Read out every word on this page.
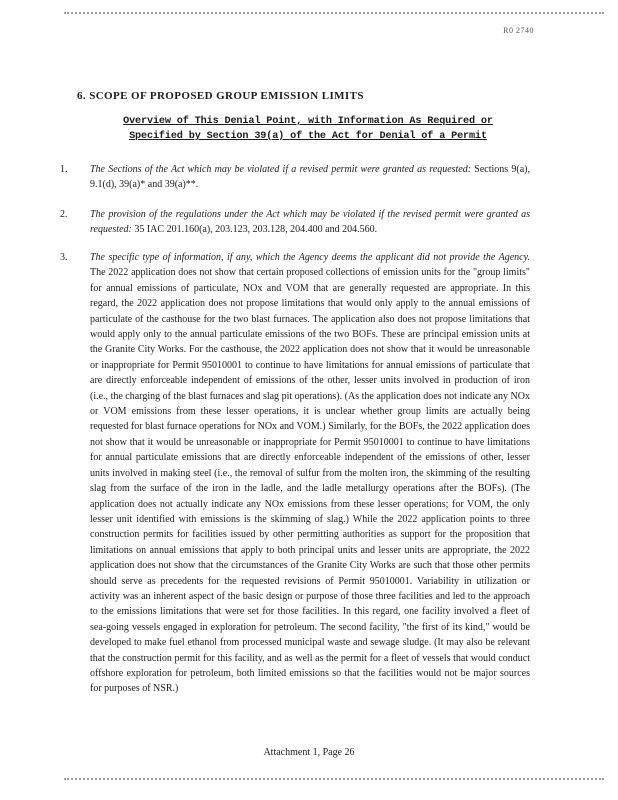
R0 2740
6. SCOPE OF PROPOSED GROUP EMISSION LIMITS
Overview of This Denial Point, with Information As Required or
Specified by Section 39(a) of the Act for Denial of a Permit
1.	The Sections of the Act which may be violated if a revised permit were granted as requested: Sections 9(a), 9.1(d), 39(a)* and 39(a)**.
2.	The provision of the regulations under the Act which may be violated if the revised permit were granted as requested: 35 IAC 201.160(a), 203.123, 203.128, 204.400 and 204.560.
3.	The specific type of information, if any, which the Agency deems the applicant did not provide the Agency. The 2022 application does not show that certain proposed collections of emission units for the "group limits" for annual emissions of particulate, NOx and VOM that are generally requested are appropriate. In this regard, the 2022 application does not propose limitations that would only apply to the annual emissions of particulate of the casthouse for the two blast furnaces. The application also does not propose limitations that would apply only to the annual particulate emissions of the two BOFs. These are principal emission units at the Granite City Works. For the casthouse, the 2022 application does not show that it would be unreasonable or inappropriate for Permit 95010001 to continue to have limitations for annual emissions of particulate that are directly enforceable independent of emissions of the other, lesser units involved in production of iron (i.e., the charging of the blast furnaces and slag pit operations). (As the application does not indicate any NOx or VOM emissions from these lesser operations, it is unclear whether group limits are actually being requested for blast furnace operations for NOx and VOM.) Similarly, for the BOFs, the 2022 application does not show that it would be unreasonable or inappropriate for Permit 95010001 to continue to have limitations for annual particulate emissions that are directly enforceable independent of the emissions of other, lesser units involved in making steel (i.e., the removal of sulfur from the molten iron, the skimming of the resulting slag from the surface of the iron in the ladle, and the ladle metallurgy operations after the BOFs). (The application does not actually indicate any NOx emissions from these lesser operations; for VOM, the only lesser unit identified with emissions is the skimming of slag.) While the 2022 application points to three construction permits for facilities issued by other permitting authorities as support for the proposition that limitations on annual emissions that apply to both principal units and lesser units are appropriate, the 2022 application does not show that the circumstances of the Granite City Works are such that those other permits should serve as precedents for the requested revisions of Permit 95010001. Variability in utilization or activity was an inherent aspect of the basic design or purpose of those three facilities and led to the approach to the emissions limitations that were set for those facilities. In this regard, one facility involved a fleet of sea-going vessels engaged in exploration for petroleum. The second facility, "the first of its kind," would be developed to make fuel ethanol from processed municipal waste and sewage sludge. (It may also be relevant that the construction permit for this facility, and as well as the permit for a fleet of vessels that would conduct offshore exploration for petroleum, both limited emissions so that the facilities would not be major sources for purposes of NSR.)
Attachment 1, Page 26
